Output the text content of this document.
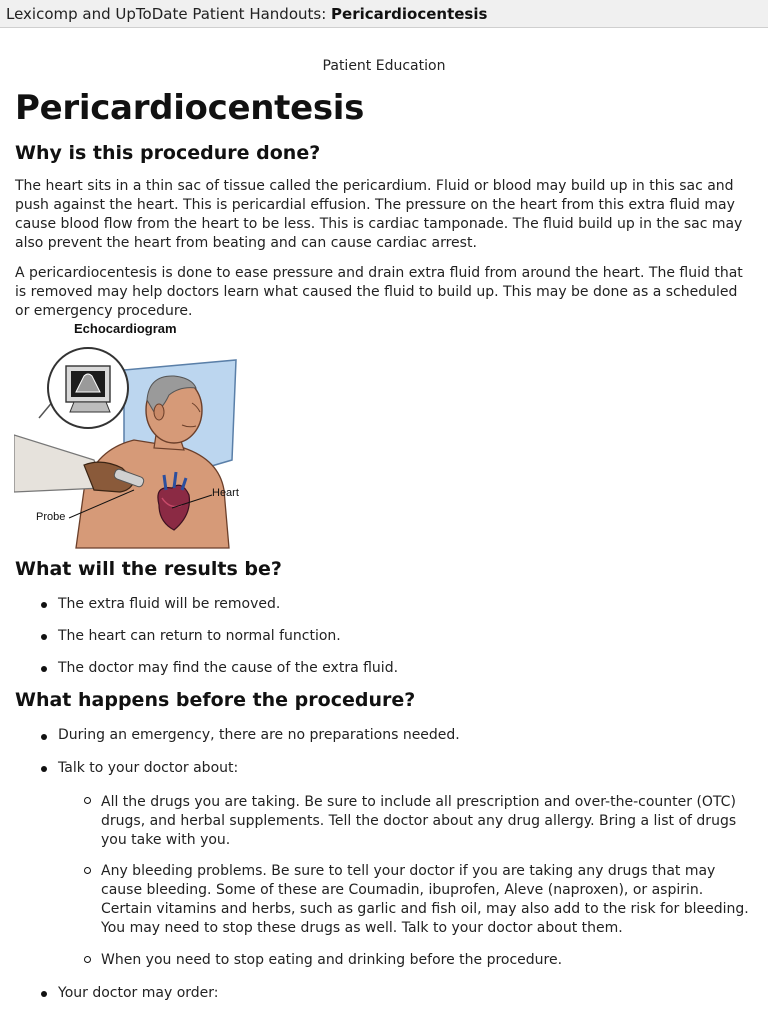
Lexicomp and UpToDate Patient Handouts: Pericardiocentesis
Patient Education
Pericardiocentesis
Why is this procedure done?

The heart sits in a thin sac of tissue called the pericardium. Fluid or blood may build up in this sac and push against the heart. This is pericardial effusion. The pressure on the heart from this extra fluid may cause blood flow from the heart to be less. This is cardiac tamponade. The fluid build up in the sac may also prevent the heart from beating and can cause cardiac arrest.

A pericardiocentesis is done to ease pressure and drain extra fluid from around the heart. The fluid that is removed may help doctors learn what caused the fluid to build up. This may be done as a scheduled or emergency procedure.

Echocardiogram
Heart
Probe
What will the results be?
The extra fluid will be removed.
The heart can return to normal function.
The doctor may find the cause of the extra fluid.
What happens before the procedure?
During an emergency, there are no preparations needed.
Talk to your doctor about:
All the drugs you are taking. Be sure to include all prescription and over-the-counter (OTC) drugs, and herbal supplements. Tell the doctor about any drug allergy. Bring a list of drugs you take with you.
Any bleeding problems. Be sure to tell your doctor if you are taking any drugs that may cause bleeding. Some of these are Coumadin, ibuprofen, Aleve (naproxen), or aspirin. Certain vitamins and herbs, such as garlic and fish oil, may also add to the risk for bleeding. You may need to stop these drugs as well. Talk to your doctor about them.
When you need to stop eating and drinking before the procedure.
Your doctor may order:
